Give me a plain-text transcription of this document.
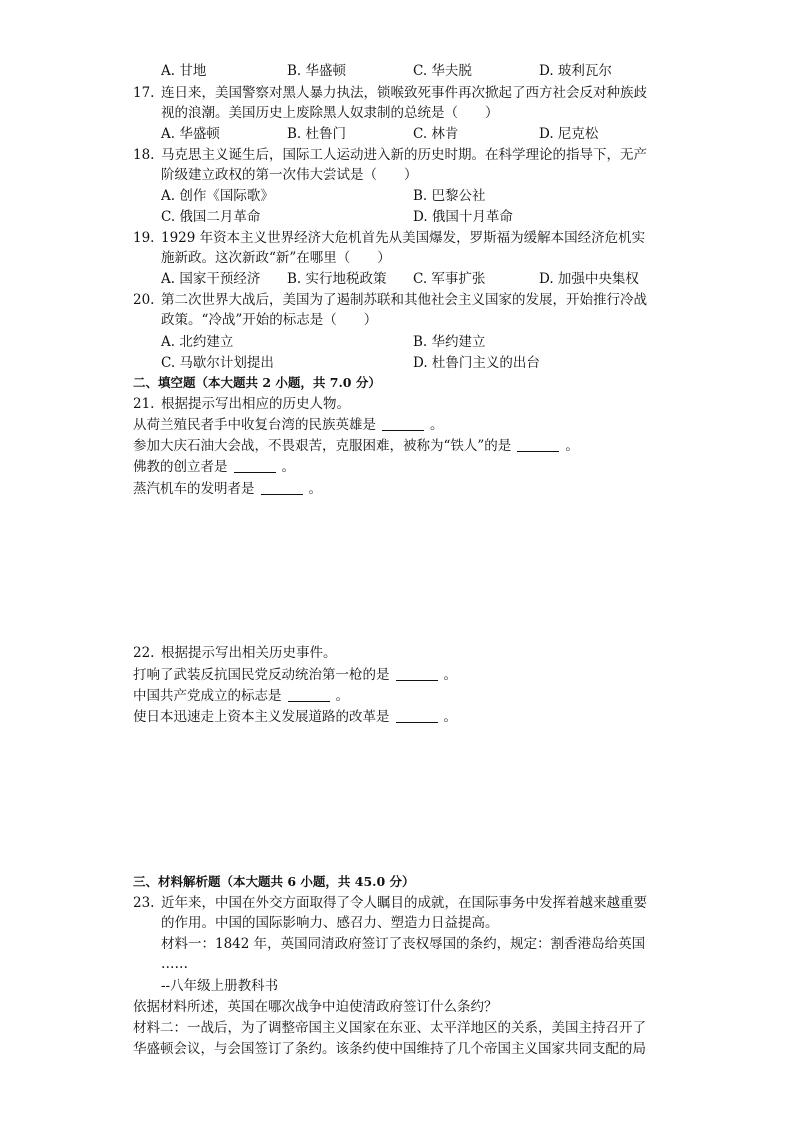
A. 甘地	B. 华盛顿	C. 华夫脱	D. 玻利瓦尔
17. 连日来，美国警察对黑人暴力执法，锁喉致死事件再次掀起了西方社会反对种族歧
视的浪潮。美国历史上废除黑人奴隶制的总统是（　　）
A. 华盛顿	B. 杜鲁门	C. 林肯	D. 尼克松
18. 马克思主义诞生后，国际工人运动进入新的历史时期。在科学理论的指导下，无产
阶级建立政权的第一次伟大尝试是（　　）
A. 创作《国际歌》	B. 巴黎公社
C. 俄国二月革命	D. 俄国十月革命
19. 1929 年资本主义世界经济大危机首先从美国爆发，罗斯福为缓解本国经济危机实
施新政。这次新政“新”在哪里（　　）
A. 国家干预经济 B. 实行地税政策 C. 军事扩张	D. 加强中央集权
20. 第二次世界大战后，美国为了遏制苏联和其他社会主义国家的发展，开始推行冷战
政策。“冷战”开始的标志是（　　）
A. 北约建立	B. 华约建立
C. 马歇尔计划提出	D. 杜鲁门主义的出台
二、填空题（本大题共 2 小题，共 7.0 分）
21. 根据提示写出相应的历史人物。
从荷兰殖民者手中收复台湾的民族英雄是	。
参加大庆石油大会战，不畏艰苦，克服困难，被称为“铁人”的是	。
佛教的创立者是	。
蒸汽机车的发明者是	。
22. 根据提示写出相关历史事件。
打响了武装反抗国民党反动统治第一枪的是	。
中国共产党成立的标志是	。
使日本迅速走上资本主义发展道路的改革是	。
三、材料解析题（本大题共 6 小题，共 45.0 分）
23. 近年来，中国在外交方面取得了令人瞩目的成就，在国际事务中发挥着越来越重要
的作用。中国的国际影响力、感召力、塑造力日益提高。
材料一：1842 年，英国同清政府签订了丧权辱国的条约，规定：割香港岛给英国
……
--八年级上册教科书
依据材料所述，英国在哪次战争中迫使清政府签订什么条约？
材料二：一战后，为了调整帝国主义国家在东亚、太平洋地区的关系，美国主持召开了
华盛顿会议，与会国签订了条约。该条约使中国维持了几个帝国主义国家共同支配的局
